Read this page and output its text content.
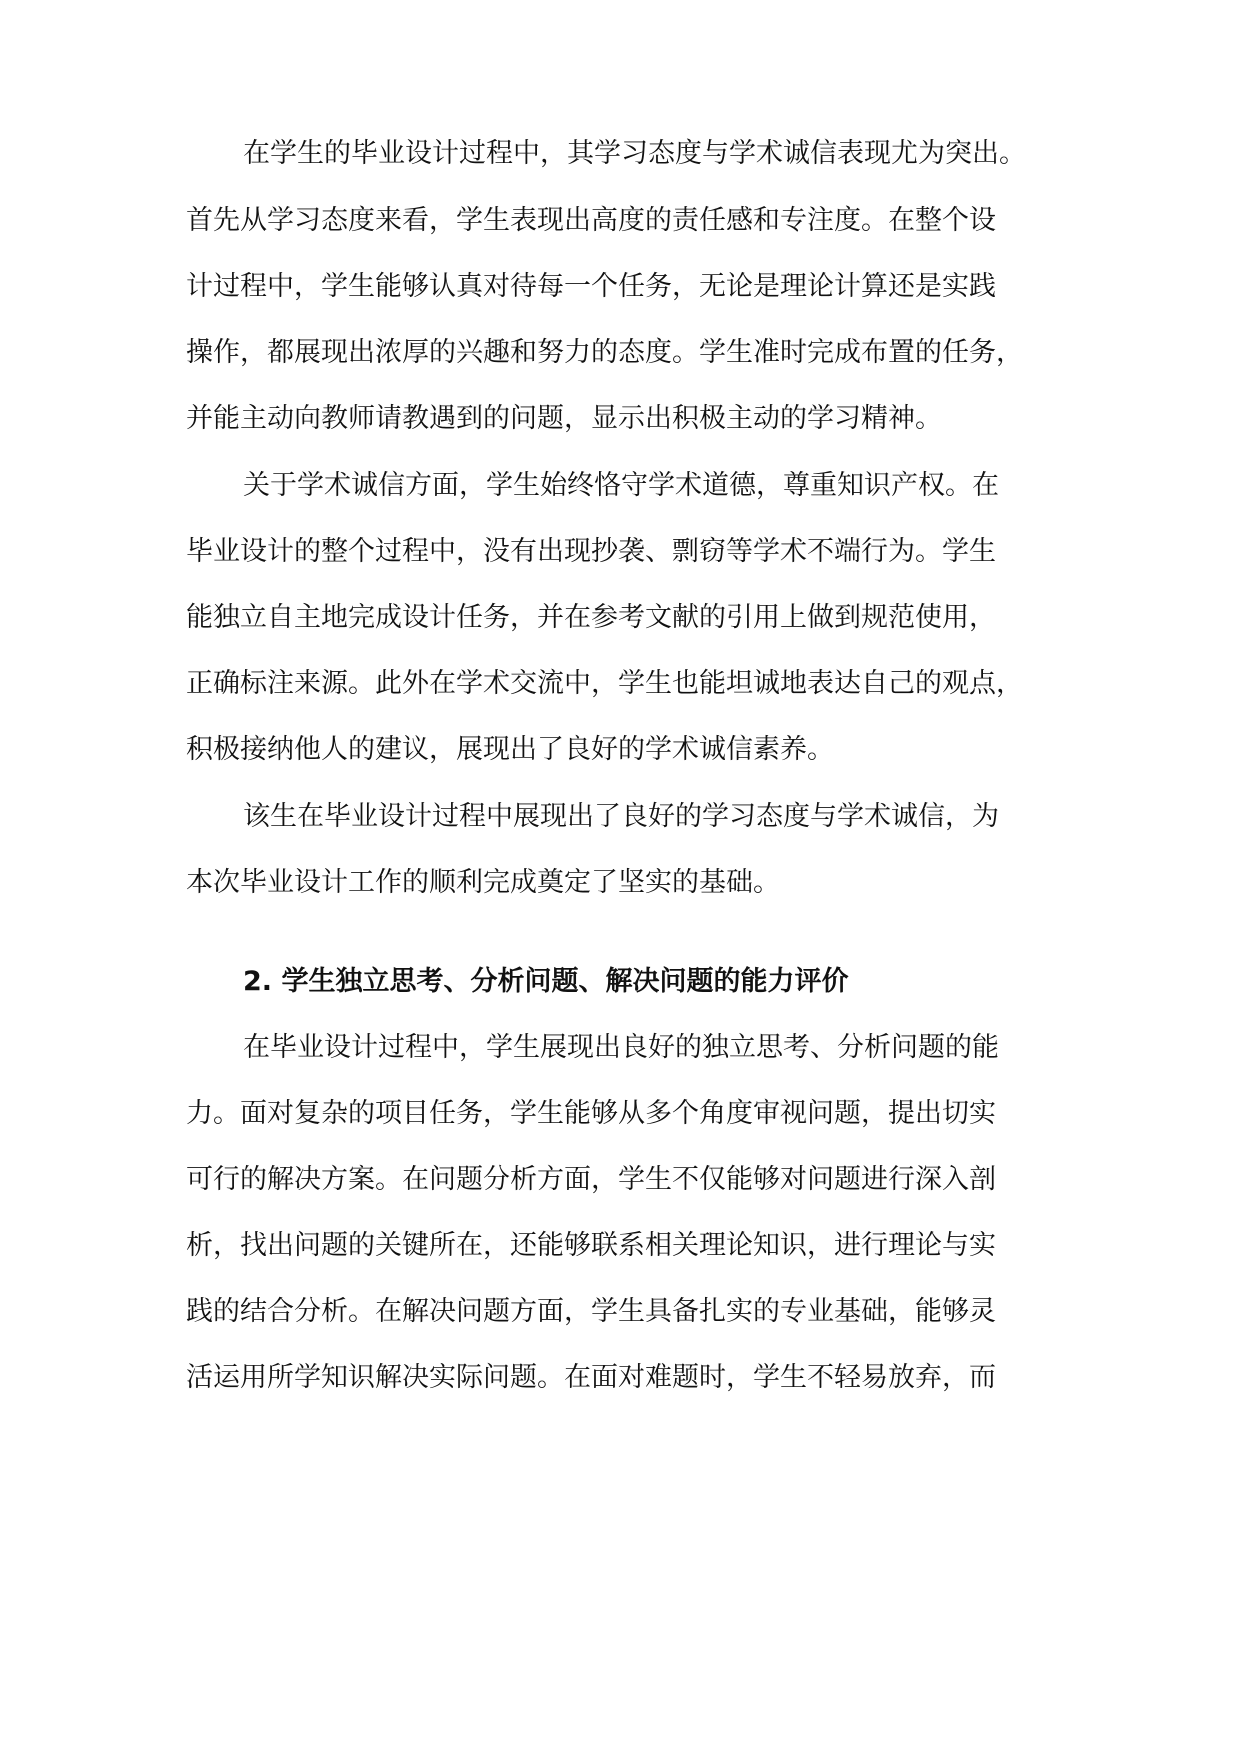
在学生的毕业设计过程中，其学习态度与学术诚信表现尤为突出。
首先从学习态度来看，学生表现出高度的责任感和专注度。在整个设
计过程中，学生能够认真对待每一个任务，无论是理论计算还是实践
操作，都展现出浓厚的兴趣和努力的态度。学生准时完成布置的任务，
并能主动向教师请教遇到的问题，显示出积极主动的学习精神。
关于学术诚信方面，学生始终恪守学术道德，尊重知识产权。在
毕业设计的整个过程中，没有出现抄袭、剽窃等学术不端行为。学生
能独立自主地完成设计任务，并在参考文献的引用上做到规范使用，
正确标注来源。此外在学术交流中，学生也能坦诚地表达自己的观点，
积极接纳他人的建议，展现出了良好的学术诚信素养。
该生在毕业设计过程中展现出了良好的学习态度与学术诚信，为
本次毕业设计工作的顺利完成奠定了坚实的基础。
2. 学生独立思考、分析问题、解决问题的能力评价
在毕业设计过程中，学生展现出良好的独立思考、分析问题的能
力。面对复杂的项目任务，学生能够从多个角度审视问题，提出切实
可行的解决方案。在问题分析方面，学生不仅能够对问题进行深入剖
析，找出问题的关键所在，还能够联系相关理论知识，进行理论与实
践的结合分析。在解决问题方面，学生具备扎实的专业基础，能够灵
活运用所学知识解决实际问题。在面对难题时，学生不轻易放弃，而
